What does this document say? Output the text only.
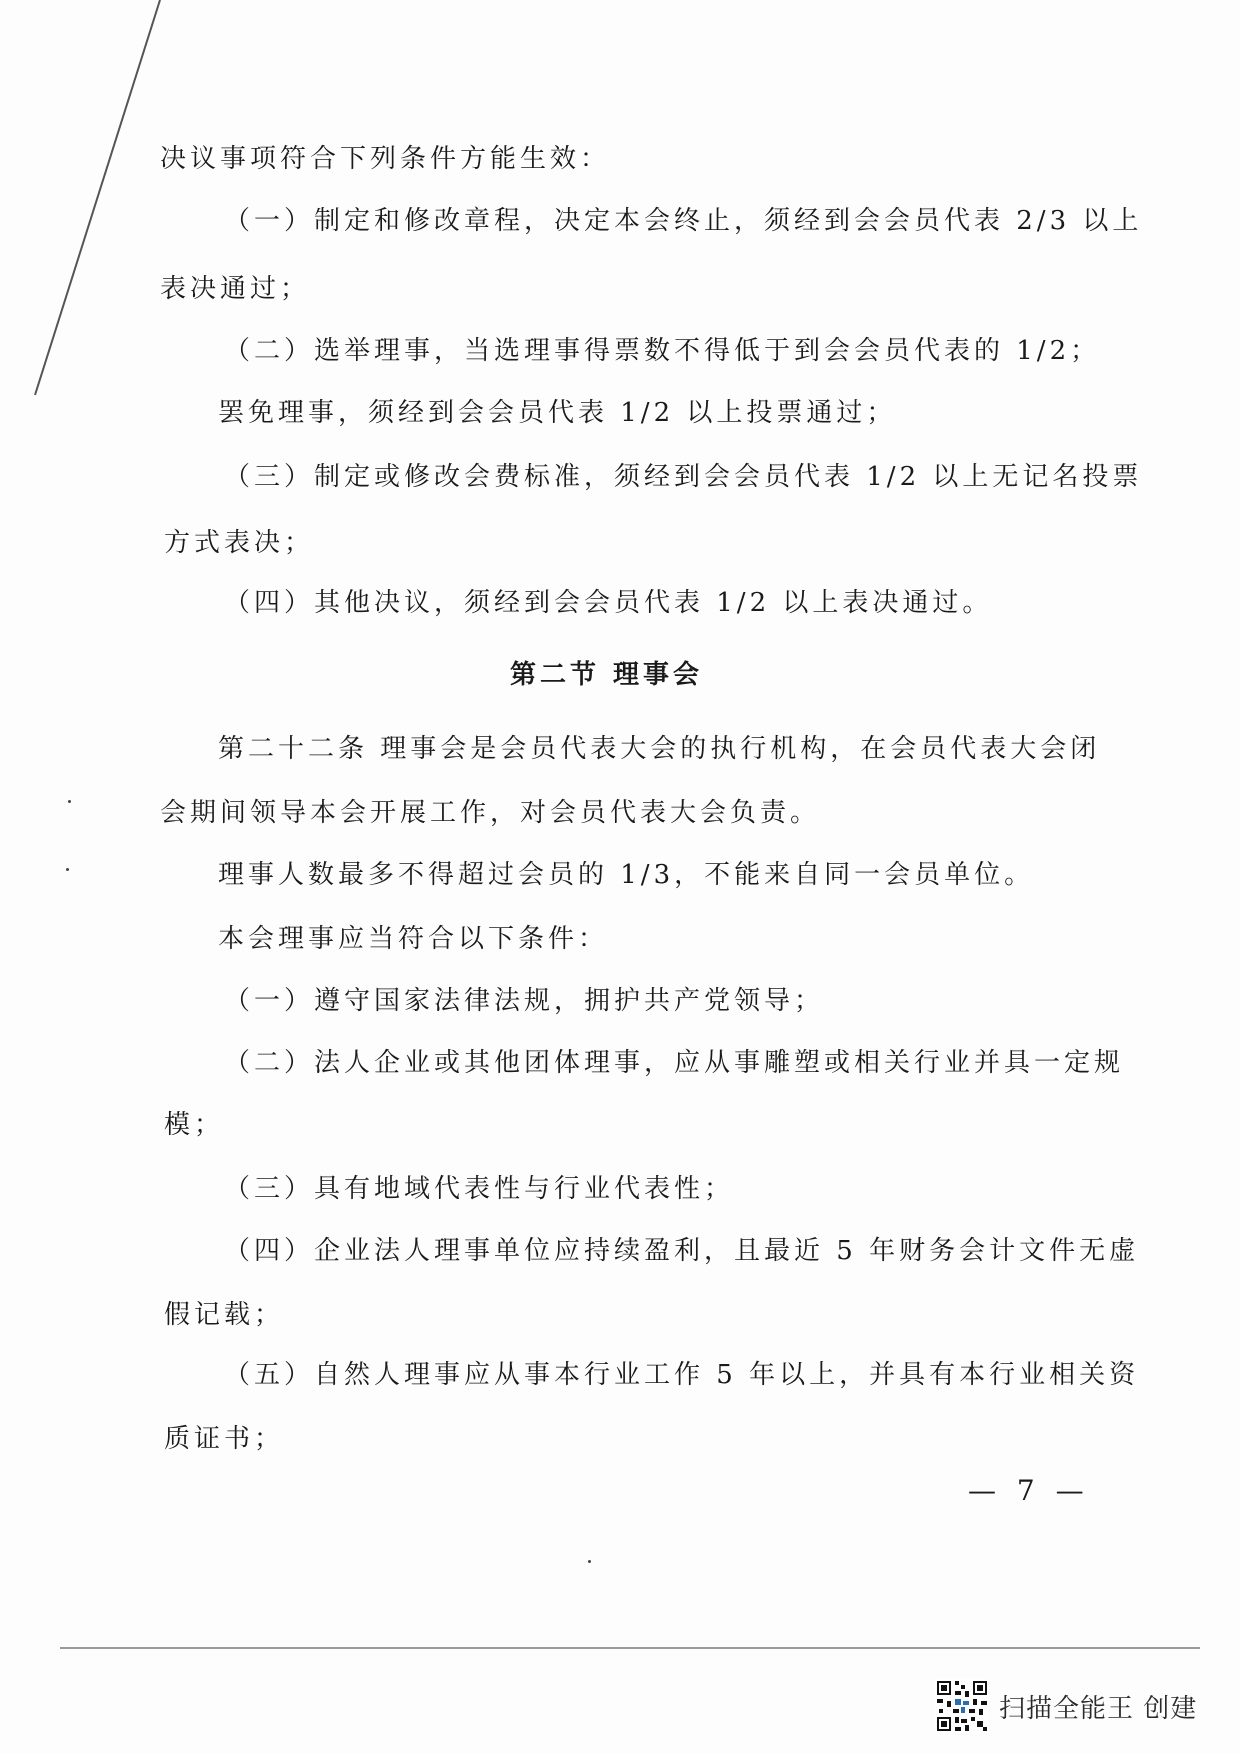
决议事项符合下列条件方能生效：
（一）制定和修改章程，决定本会终止，须经到会会员代表 2/3 以上
表决通过；
（二）选举理事，当选理事得票数不得低于到会会员代表的 1/2；
罢免理事，须经到会会员代表 1/2 以上投票通过；
（三）制定或修改会费标准，须经到会会员代表 1/2 以上无记名投票
方式表决；
（四）其他决议，须经到会会员代表 1/2 以上表决通过。
第二节 理事会
第二十二条 理事会是会员代表大会的执行机构，在会员代表大会闭
会期间领导本会开展工作，对会员代表大会负责。
理事人数最多不得超过会员的 1/3，不能来自同一会员单位。
本会理事应当符合以下条件：
（一）遵守国家法律法规，拥护共产党领导；
（二）法人企业或其他团体理事，应从事雕塑或相关行业并具一定规
模；
（三）具有地域代表性与行业代表性；
（四）企业法人理事单位应持续盈利，且最近 5 年财务会计文件无虚
假记载；
（五）自然人理事应从事本行业工作 5 年以上，并具有本行业相关资
质证书；
— 7 —
扫描全能王 创建
